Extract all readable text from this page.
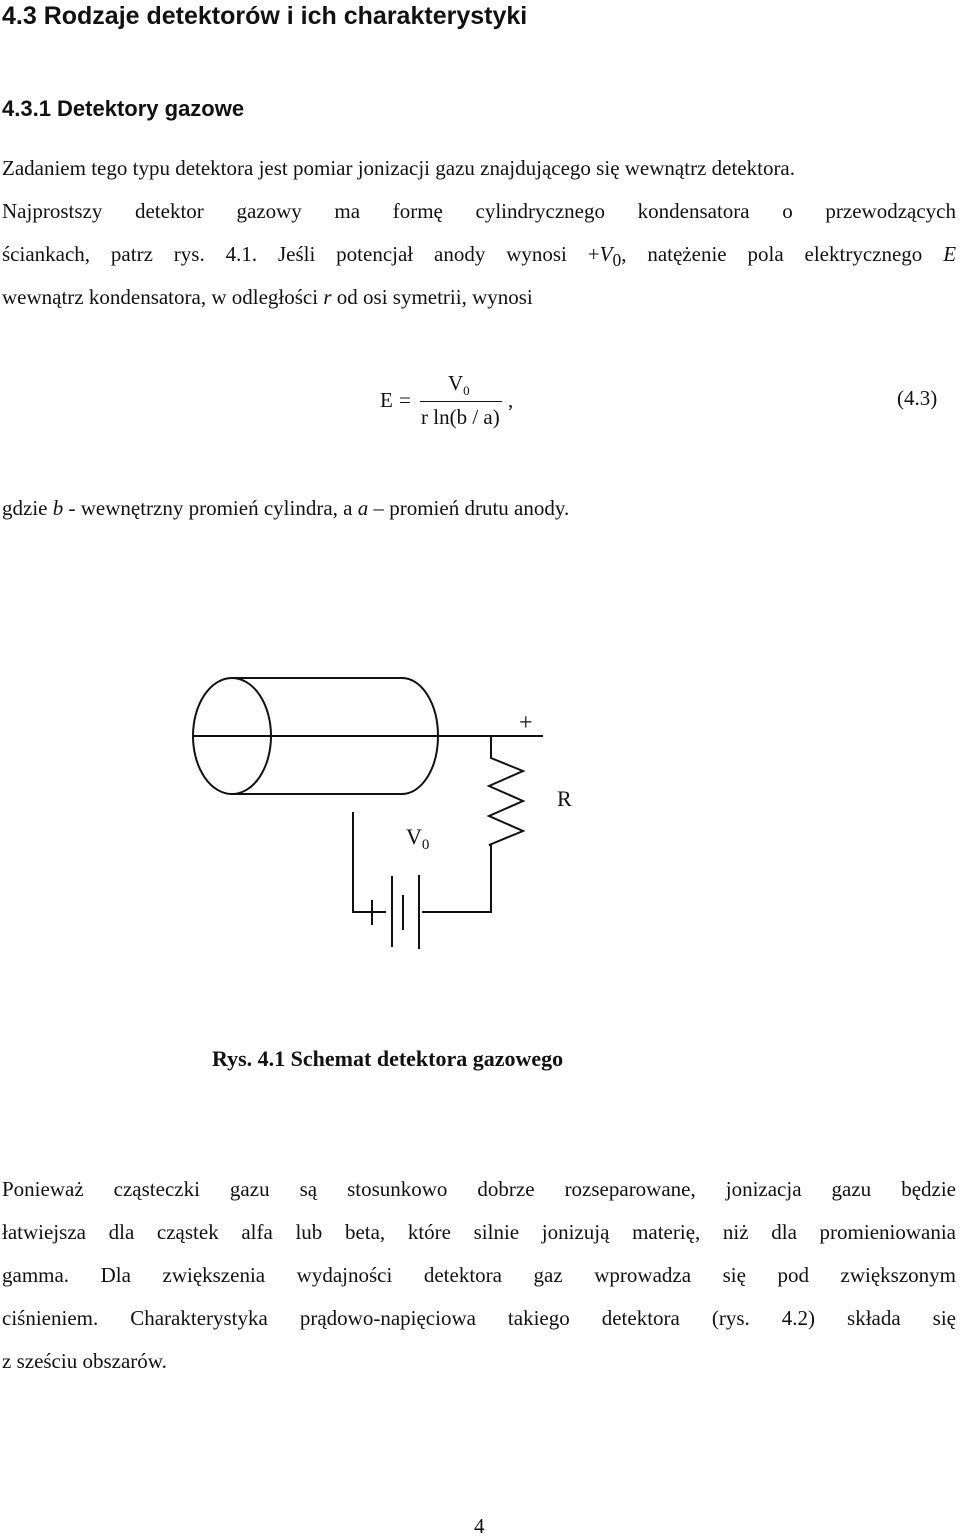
4.3 Rodzaje detektorów i ich charakterystyki
4.3.1 Detektory gazowe
Zadaniem tego typu detektora jest pomiar jonizacji gazu znajdującego się wewnątrz detektora.
Najprostszy detektor gazowy ma formę cylindrycznego kondensatora o przewodzących
ściankach, patrz rys. 4.1. Jeśli potencjał anody wynosi $+V_0$, natężenie pola elektrycznego E
wewnątrz kondensatora, w odległości r od osi symetrii, wynosi
E =
$V_0$
r ln(b / a)
,	(4.3)
gdzie b - wewnętrzny promień cylindra, a a – promień drutu anody.
+
R
$V_0$
Rys. 4.1 Schemat detektora gazowego
Ponieważ cząsteczki gazu są stosunkowo dobrze rozseparowane, jonizacja gazu będzie
łatwiejsza dla cząstek alfa lub beta, które silnie jonizują materię, niż dla promieniowania
gamma. Dla zwiększenia wydajności detektora gaz wprowadza się pod zwiększonym
ciśnieniem. Charakterystyka prądowo-napięciowa takiego detektora (rys. 4.2) składa się
z sześciu obszarów.
4
